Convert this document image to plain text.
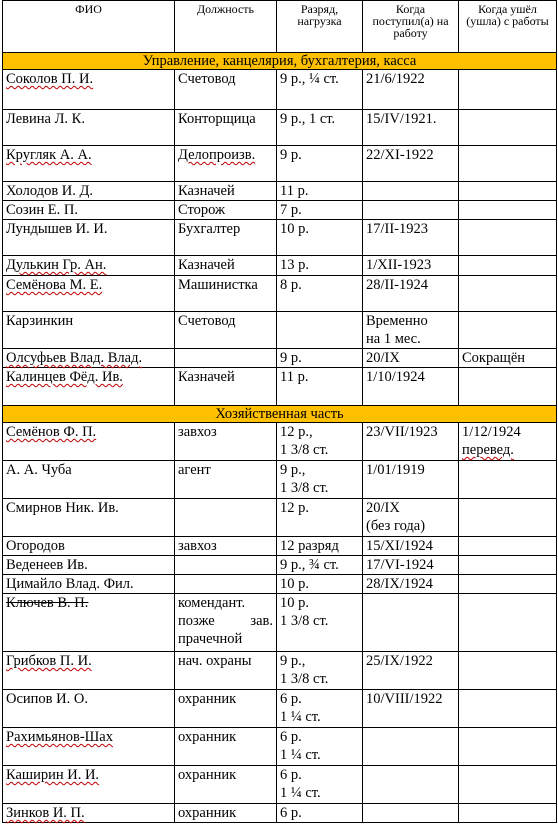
ФИО	Должность	Разряд, нагрузка	Когда поступил(а) на работу	Когда ушёл (ушла) с работы
Управление, канцелярия, бухгалтерия, касса				
Соколов П. И.	Счетовод	9 р., ¼ ст.	21/6/1922	

Левина Л. К.	Конторщица	9 р., 1 ст.	15/IV/1921.	

Кругляк А. А.	Делопроизв.	9 р.	22/XI-1922	

Холодов И. Д.	Казначей	11 р.		

Созин Е. П.	Сторож	7 р.		

Лундышев И. И.	Бухгалтер	10 р.	17/II-1923	

Дулькин Гр. Ан.	Казначей	13 р.	1/XII-1923	

Семёнова М. Е.	Машинистка	8 р.	28/II-1924	

Карзинкин	Счетовод		Временно
на 1 мес.	

Олсуфьев Влад. Влад.		9 р.	20/IX	Сокращён

Калинцев Фёд. Ив.	Казначей	11 р.	1/10/1924	

Хозяйственная часть				
Семёнов Ф. П.	завхоз	12 р.,
1 3/8 ст.	23/VII/1923	1/12/1924
перевед.

А. А. Чуба	агент	9 р.,
1 3/8 ст.	1/01/1919	

Смирнов Ник. Ив.		12 р.	20/IX
(без года)	

Огородов	завхоз	12 разряд	15/XI/1924	

Веденеев Ив.		9 р., ¾ ст.	17/VI-1924	

Цимайло Влад. Фил.		10 р.	28/IX/1924	

Ключев В. П.	комендант. позже зав. прачечной	10 р.
1 3/8 ст.		

Грибков П. И.	нач. охраны	9 р.,
1 3/8 ст.	25/IX/1922	

Осипов И. О.	охранник	6 р.
1 ¼ ст.	10/VIII/1922	

Рахимьянов-Шах	охранник	6 р.
1 ¼ ст.		

Каширин И. И.	охранник	6 р.
1 ¼ ст.		

Зинков И. П.	охранник	6 р.		
